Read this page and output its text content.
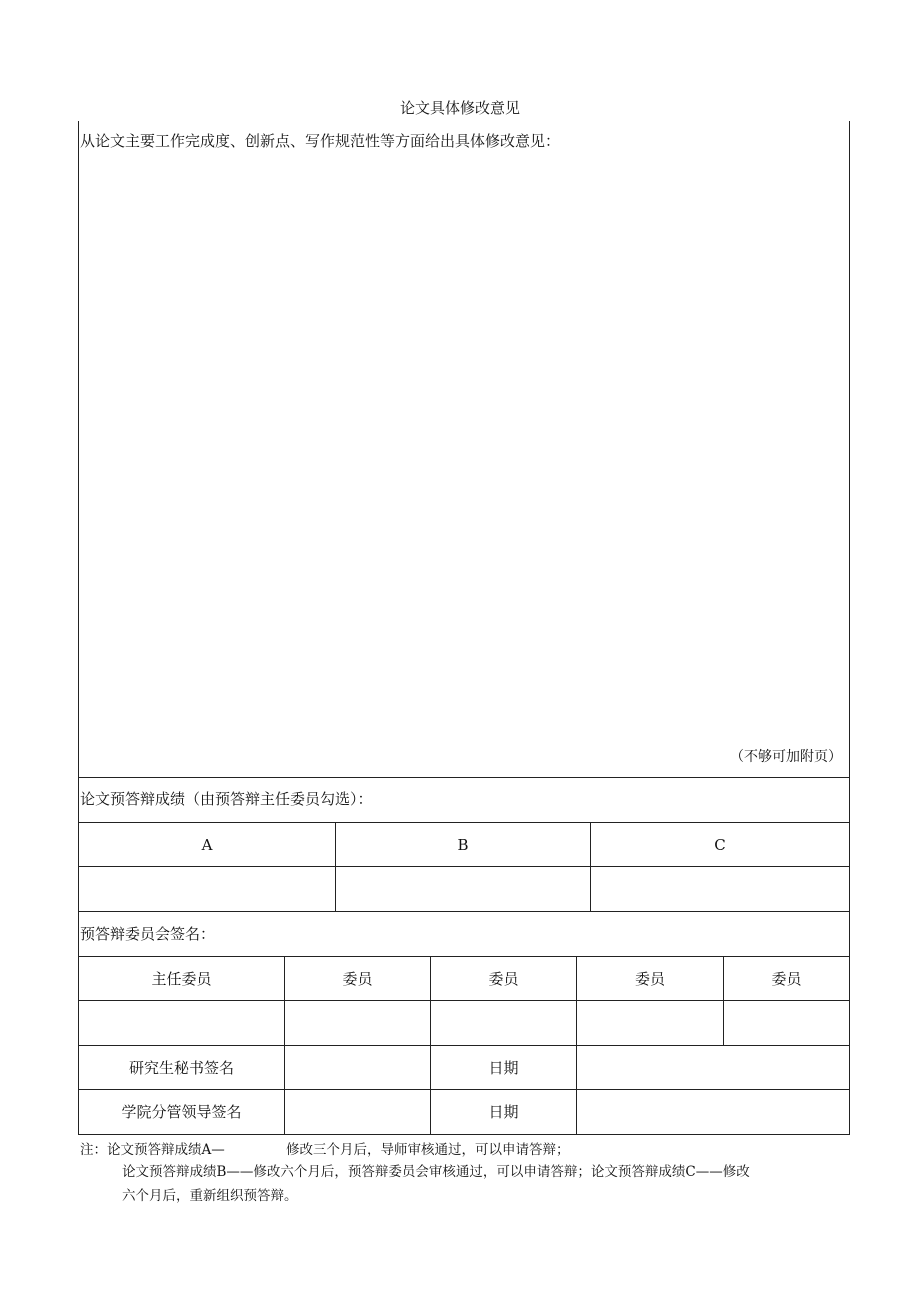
论文具体修改意见
从论文主要工作完成度、创新点、写作规范性等方面给出具体修改意见：
（不够可加附页）
论文预答辩成绩（由预答辩主任委员勾选）：
A	B	C
预答辩委员会签名：
主任委员	委员	委员	委员	委员
研究生秘书签名	日期
学院分管领导签名	日期
注：论文预答辩成绩A—	修改三个月后，导师审核通过，可以申请答辩；
论文预答辩成绩B——修改六个月后，预答辩委员会审核通过，可以申请答辩；论文预答辩成绩C——修改
六个月后，重新组织预答辩。
